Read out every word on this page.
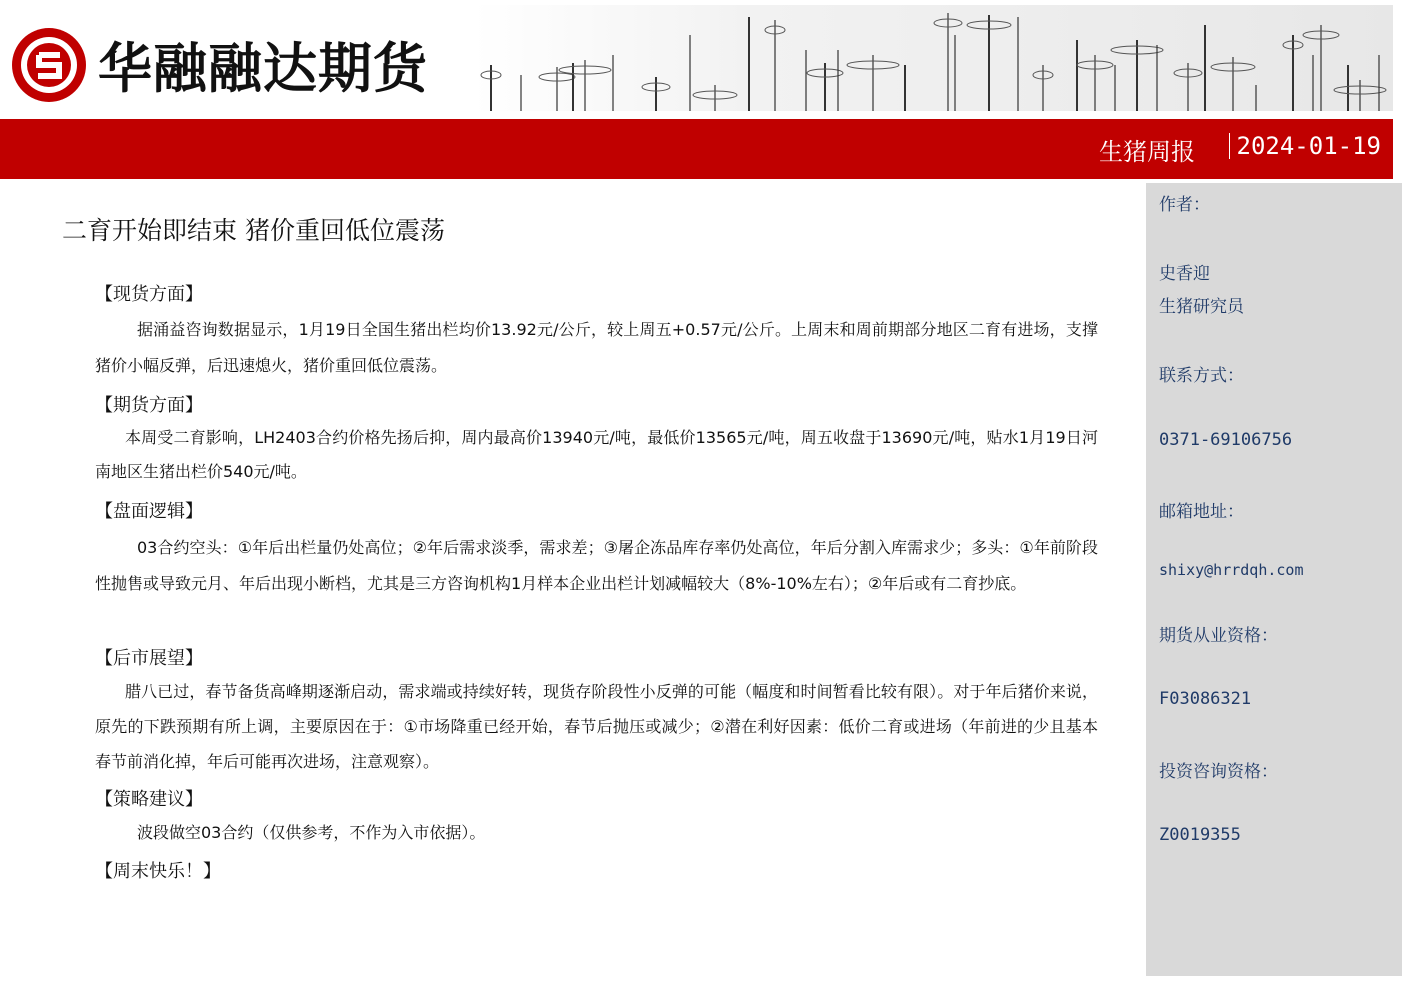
华融融达期货
生猪周报 2024-01-19
二育开始即结束 猪价重回低位震荡
【现货方面】
据涌益咨询数据显示，1月19日全国生猪出栏均价13.92元/公斤，较上周五+0.57元/公斤。上周末和周前期部分地区二育有进场，支撑猪价小幅反弹，后迅速熄火，猪价重回低位震荡。
【期货方面】
本周受二育影响，LH2403合约价格先扬后抑，周内最高价13940元/吨，最低价13565元/吨，周五收盘于13690元/吨，贴水1月19日河南地区生猪出栏价540元/吨。
【盘面逻辑】
03合约空头：①年后出栏量仍处高位；②年后需求淡季，需求差；③屠企冻品库存率仍处高位，年后分割入库需求少；多头：①年前阶段性抛售或导致元月、年后出现小断档，尤其是三方咨询机构1月样本企业出栏计划减幅较大（8%-10%左右）；②年后或有二育抄底。
【后市展望】
腊八已过，春节备货高峰期逐渐启动，需求端或持续好转，现货存阶段性小反弹的可能（幅度和时间暂看比较有限）。对于年后猪价来说，原先的下跌预期有所上调，主要原因在于：①市场降重已经开始，春节后抛压或减少；②潜在利好因素：低价二育或进场（年前进的少且基本春节前消化掉，年后可能再次进场，注意观察）。
【策略建议】
波段做空03合约（仅供参考，不作为入市依据）。
【周末快乐！】
作者：
史香迎
生猪研究员
联系方式：
0371-69106756
邮箱地址：
shixy@hrrdqh.com
期货从业资格：
F03086321
投资咨询资格：
Z0019355
